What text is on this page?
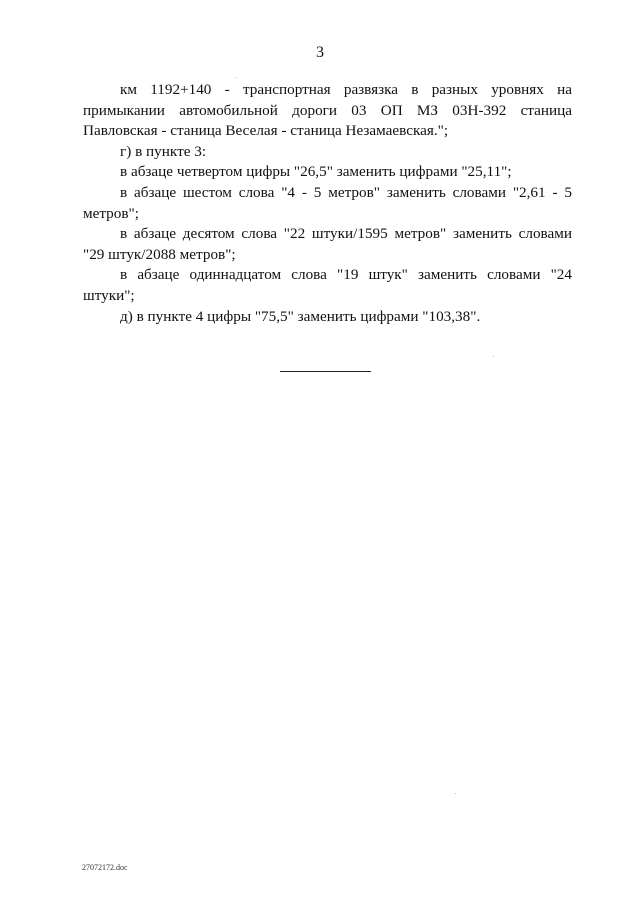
3

км 1192+140 - транспортная развязка в разных уровнях на примыкании автомобильной дороги 03 ОП МЗ 03Н-392 станица Павловская - станица Веселая - станица Незамаевская.";

г) в пункте 3:

в абзаце четвертом цифры "26,5" заменить цифрами "25,11";

в абзаце шестом слова "4 - 5 метров" заменить словами "2,61 - 5 метров";

в абзаце десятом слова "22 штуки/1595 метров" заменить словами "29 штук/2088 метров";

в абзаце одиннадцатом слова "19 штук" заменить словами "24 штуки";

д) в пункте 4 цифры "75,5" заменить цифрами "103,38".

27072172.doc
